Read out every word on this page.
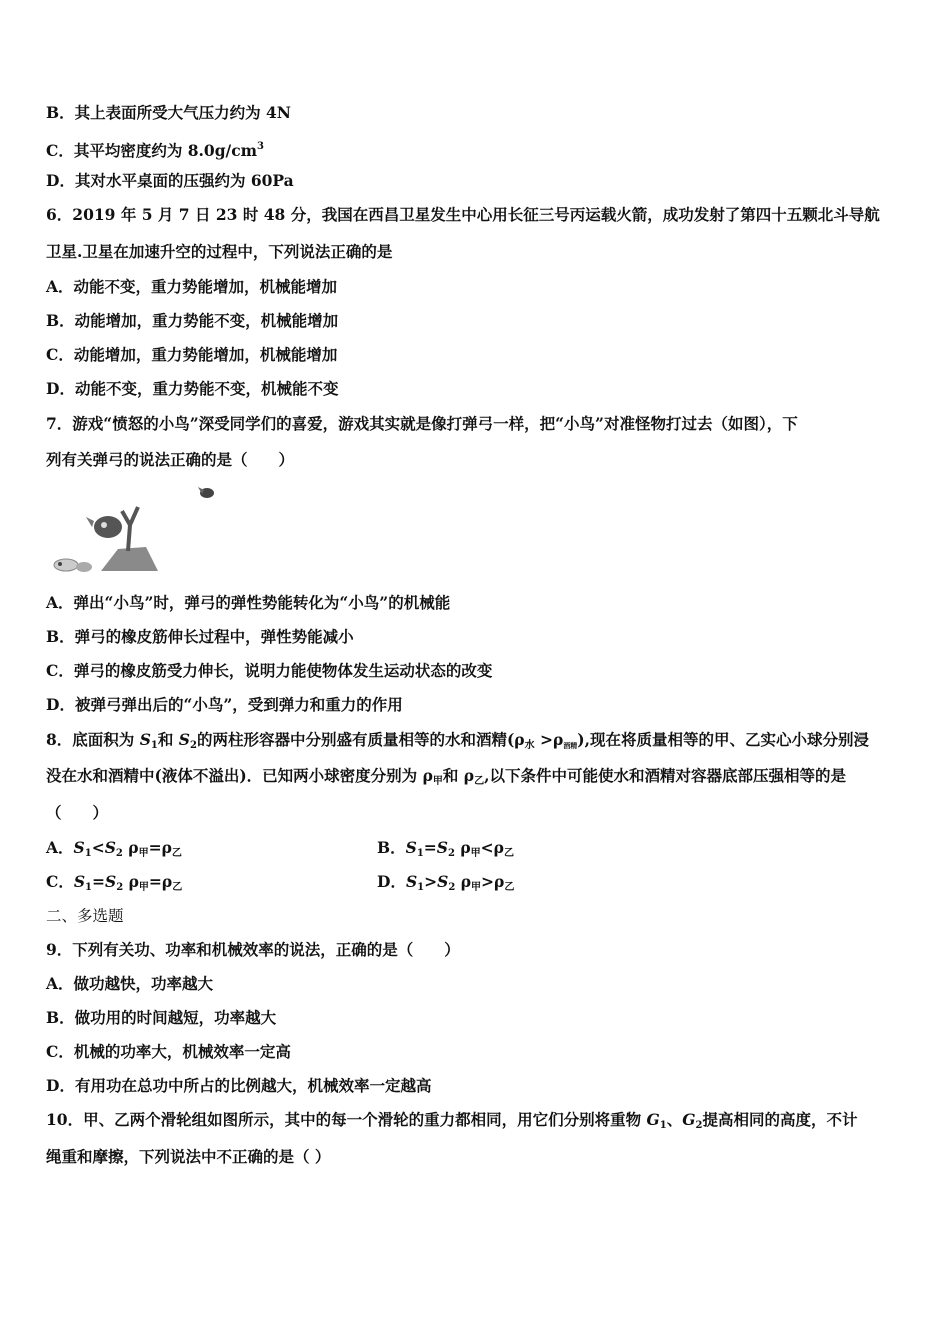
B．其上表面所受大气压力约为 4N
C．其平均密度约为 $8.0g/cm^3$
D．其对水平桌面的压强约为 60Pa
6．2019 年 5 月 7 日 23 时 48 分，我国在西昌卫星发生中心用长征三号丙运载火箭，成功发射了第四十五颗北斗导航
卫星.卫星在加速升空的过程中，下列说法正确的是
A．动能不变，重力势能增加，机械能增加
B．动能增加，重力势能不变，机械能增加
C．动能增加，重力势能增加，机械能增加
D．动能不变，重力势能不变，机械能不变
7．游戏“愤怒的小鸟”深受同学们的喜爱，游戏其实就是像打弹弓一样，把“小鸟”对准怪物打过去（如图），下
列有关弹弓的说法正确的是（　　）
A．弹出“小鸟”时，弹弓的弹性势能转化为“小鸟”的机械能
B．弹弓的橡皮筋伸长过程中，弹性势能减小
C．弹弓的橡皮筋受力伸长，说明力能使物体发生运动状态的改变
D．被弹弓弹出后的“小鸟”，受到弹力和重力的作用
8．底面积为 $S_1$和 $S_2$的两柱形容器中分别盛有质量相等的水和酒精$(\rho_水 >\rho_{酒精})$,现在将质量相等的甲、乙实心小球分别浸
没在水和酒精中(液体不溢出)．已知两小球密度分别为 $\rho_甲$和 $\rho_乙$,以下条件中可能使水和酒精对容器底部压强相等的是
（　　）
A．$S_1<S_2$ $\rho_甲=\rho_乙$	B．$S_1=S_2$ $\rho_甲<\rho_乙$
C．$S_1=S_2$ $\rho_甲=\rho_乙$	D．$S_1>S_2$ $\rho_甲>\rho_乙$
二、多选题
9．下列有关功、功率和机械效率的说法，正确的是（　　）
A．做功越快，功率越大
B．做功用的时间越短，功率越大
C．机械的功率大，机械效率一定高
D．有用功在总功中所占的比例越大，机械效率一定越高
10．甲、乙两个滑轮组如图所示，其中的每一个滑轮的重力都相同，用它们分别将重物 $G_1$、$G_2$提高相同的高度，不计
绳重和摩擦，下列说法中不正确的是（ ）
